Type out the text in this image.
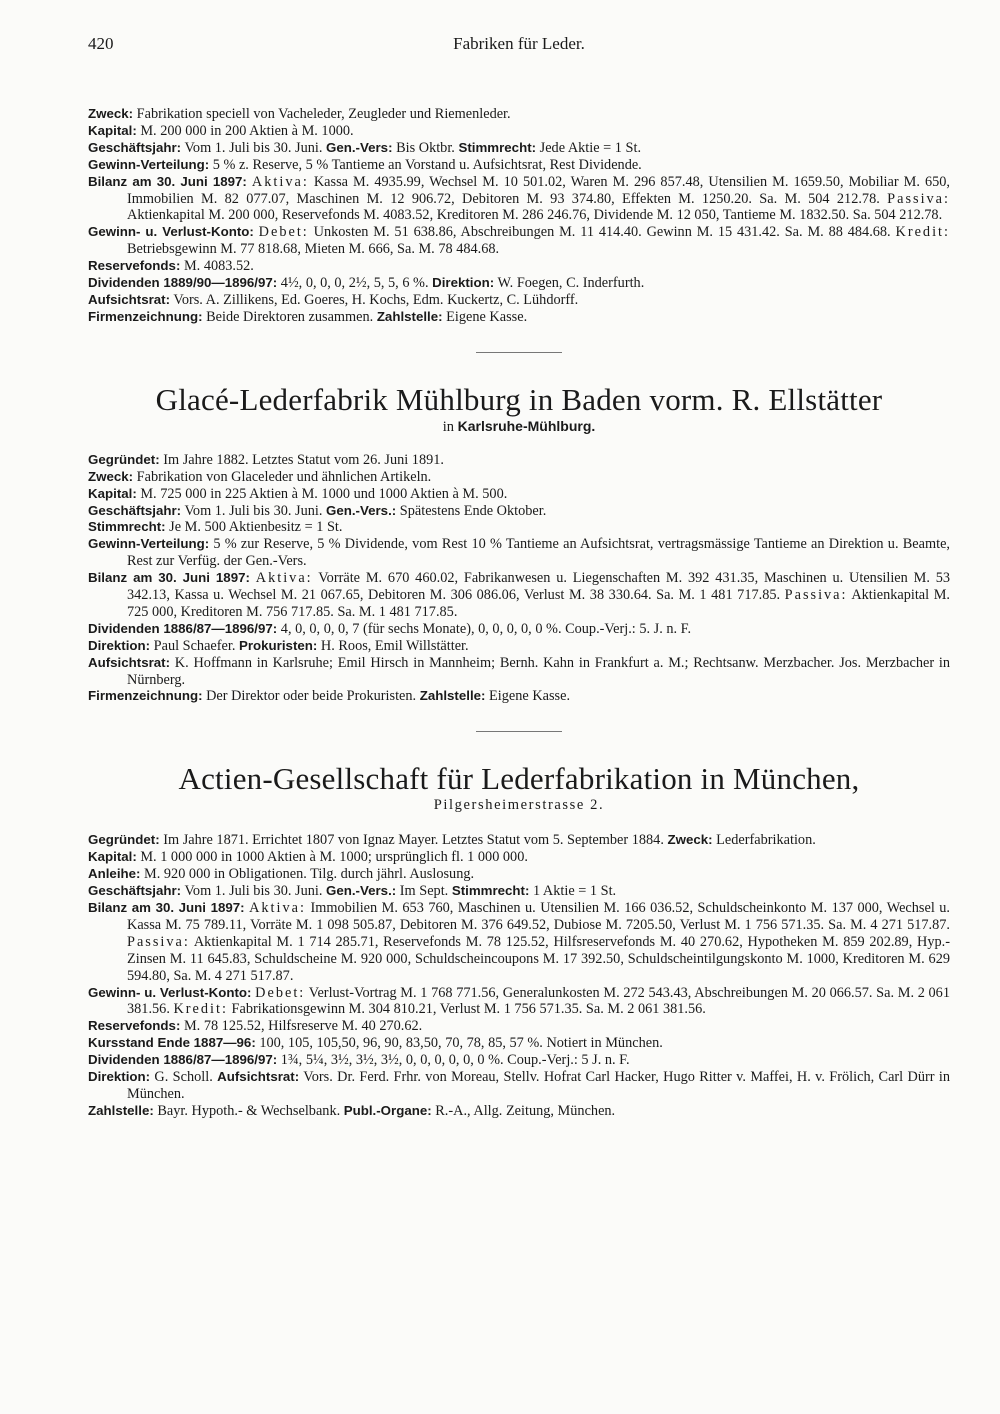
420	Fabriken für Leder.

Zweck: Fabrikation speciell von Vacheleder, Zeugleder und Riemenleder.

Kapital: M. 200 000 in 200 Aktien à M. 1000.

Geschäftsjahr: Vom 1. Juli bis 30. Juni. Gen.-Vers: Bis Oktbr. Stimmrecht: Jede Aktie = 1 St.

Gewinn-Verteilung: 5 % z. Reserve, 5 % Tantieme an Vorstand u. Aufsichtsrat, Rest Dividende.

Bilanz am 30. Juni 1897: Aktiva: Kassa M. 4935.99, Wechsel M. 10 501.02, Waren M. 296 857.48, Utensilien M. 1659.50, Mobiliar M. 650, Immobilien M. 82 077.07, Maschinen M. 12 906.72, Debitoren M. 93 374.80, Effekten M. 1250.20. Sa. M. 504 212.78. Passiva: Aktienkapital M. 200 000, Reservefonds M. 4083.52, Kreditoren M. 286 246.76, Dividende M. 12 050, Tantieme M. 1832.50. Sa. 504 212.78.

Gewinn- u. Verlust-Konto: Debet: Unkosten M. 51 638.86, Abschreibungen M. 11 414.40. Gewinn M. 15 431.42. Sa. M. 88 484.68. Kredit: Betriebsgewinn M. 77 818.68, Mieten M. 666, Sa. M. 78 484.68.

Reservefonds: M. 4083.52.

Dividenden 1889/90—1896/97: 4½, 0, 0, 0, 2½, 5, 5, 6 %. Direktion: W. Foegen, C. Inderfurth.

Aufsichtsrat: Vors. A. Zillikens, Ed. Goeres, H. Kochs, Edm. Kuckertz, C. Lühdorff.

Firmenzeichnung: Beide Direktoren zusammen. Zahlstelle: Eigene Kasse.

Glacé-Lederfabrik Mühlburg in Baden vorm. R. Ellstätter
in Karlsruhe-Mühlburg.

Gegründet: Im Jahre 1882. Letztes Statut vom 26. Juni 1891.

Zweck: Fabrikation von Glaceleder und ähnlichen Artikeln.

Kapital: M. 725 000 in 225 Aktien à M. 1000 und 1000 Aktien à M. 500.

Geschäftsjahr: Vom 1. Juli bis 30. Juni. Gen.-Vers.: Spätestens Ende Oktober.

Stimmrecht: Je M. 500 Aktienbesitz = 1 St.

Gewinn-Verteilung: 5 % zur Reserve, 5 % Dividende, vom Rest 10 % Tantieme an Aufsichtsrat, vertragsmässige Tantieme an Direktion u. Beamte, Rest zur Verfüg. der Gen.-Vers.

Bilanz am 30. Juni 1897: Aktiva: Vorräte M. 670 460.02, Fabrikanwesen u. Liegenschaften M. 392 431.35, Maschinen u. Utensilien M. 53 342.13, Kassa u. Wechsel M. 21 067.65, Debitoren M. 306 086.06, Verlust M. 38 330.64. Sa. M. 1 481 717.85. Passiva: Aktienkapital M. 725 000, Kreditoren M. 756 717.85. Sa. M. 1 481 717.85.

Dividenden 1886/87—1896/97: 4, 0, 0, 0, 0, 7 (für sechs Monate), 0, 0, 0, 0, 0 %. Coup.-Verj.: 5. J. n. F.

Direktion: Paul Schaefer. Prokuristen: H. Roos, Emil Willstätter.

Aufsichtsrat: K. Hoffmann in Karlsruhe; Emil Hirsch in Mannheim; Bernh. Kahn in Frankfurt a. M.; Rechtsanw. Merzbacher. Jos. Merzbacher in Nürnberg.

Firmenzeichnung: Der Direktor oder beide Prokuristen. Zahlstelle: Eigene Kasse.

Actien-Gesellschaft für Lederfabrikation in München,
Pilgersheimerstrasse 2.

Gegründet: Im Jahre 1871. Errichtet 1807 von Ignaz Mayer. Letztes Statut vom 5. September 1884. Zweck: Lederfabrikation.

Kapital: M. 1 000 000 in 1000 Aktien à M. 1000; ursprünglich fl. 1 000 000.

Anleihe: M. 920 000 in Obligationen. Tilg. durch jährl. Auslosung.

Geschäftsjahr: Vom 1. Juli bis 30. Juni. Gen.-Vers.: Im Sept. Stimmrecht: 1 Aktie = 1 St.

Bilanz am 30. Juni 1897: Aktiva: Immobilien M. 653 760, Maschinen u. Utensilien M. 166 036.52, Schuldscheinkonto M. 137 000, Wechsel u. Kassa M. 75 789.11, Vorräte M. 1 098 505.87, Debitoren M. 376 649.52, Dubiose M. 7205.50, Verlust M. 1 756 571.35. Sa. M. 4 271 517.87. Passiva: Aktienkapital M. 1 714 285.71, Reservefonds M. 78 125.52, Hilfsreservefonds M. 40 270.62, Hypotheken M. 859 202.89, Hyp.-Zinsen M. 11 645.83, Schuldscheine M. 920 000, Schuldscheincoupons M. 17 392.50, Schuldscheintilgungskonto M. 1000, Kreditoren M. 629 594.80, Sa. M. 4 271 517.87.

Gewinn- u. Verlust-Konto: Debet: Verlust-Vortrag M. 1 768 771.56, Generalunkosten M. 272 543.43, Abschreibungen M. 20 066.57. Sa. M. 2 061 381.56. Kredit: Fabrikationsgewinn M. 304 810.21, Verlust M. 1 756 571.35. Sa. M. 2 061 381.56.

Reservefonds: M. 78 125.52, Hilfsreserve M. 40 270.62.

Kursstand Ende 1887—96: 100, 105, 105,50, 96, 90, 83,50, 70, 78, 85, 57 %. Notiert in München.

Dividenden 1886/87—1896/97: 1¾, 5¼, 3½, 3½, 3½, 0, 0, 0, 0, 0, 0 %. Coup.-Verj.: 5 J. n. F.

Direktion: G. Scholl. Aufsichtsrat: Vors. Dr. Ferd. Frhr. von Moreau, Stellv. Hofrat Carl Hacker, Hugo Ritter v. Maffei, H. v. Frölich, Carl Dürr in München.

Zahlstelle: Bayr. Hypoth.- & Wechselbank. Publ.-Organe: R.-A., Allg. Zeitung, München.
